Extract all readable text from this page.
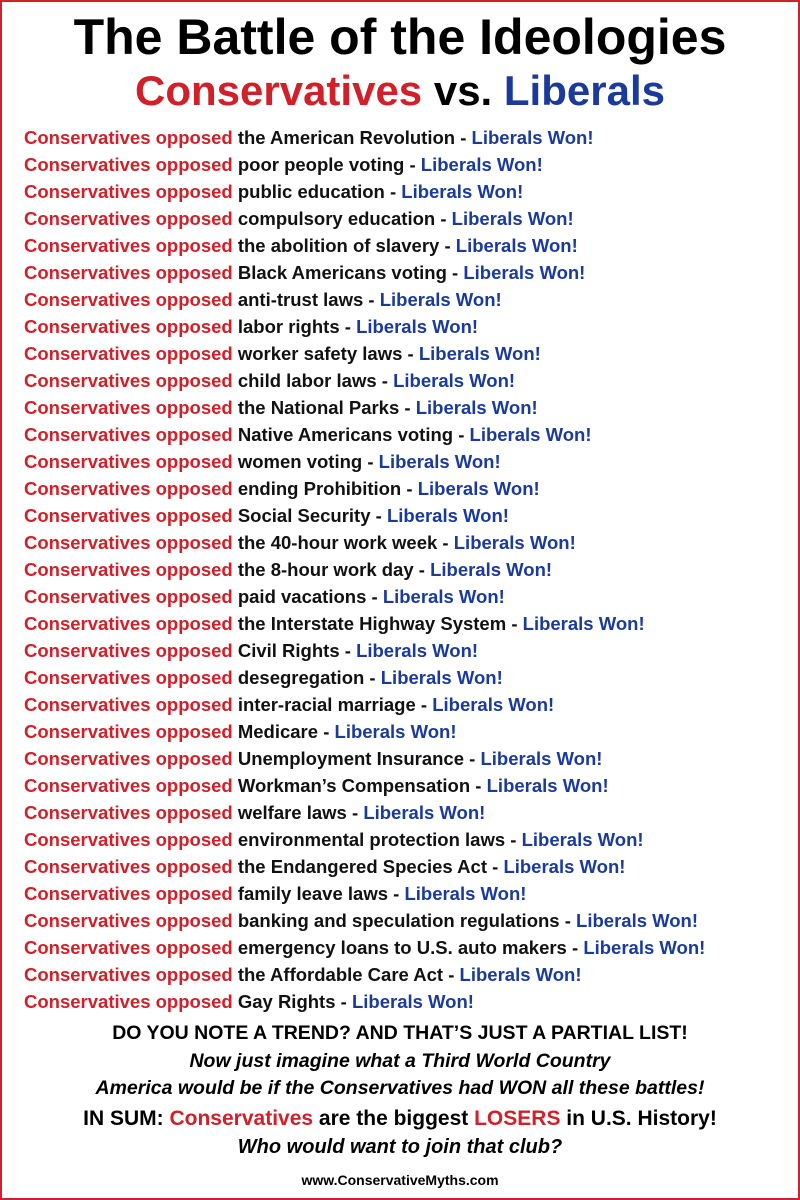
The Battle of the Ideologies
Conservatives vs. Liberals
Conservatives opposed the American Revolution - Liberals Won!
Conservatives opposed poor people voting - Liberals Won!
Conservatives opposed public education - Liberals Won!
Conservatives opposed compulsory education - Liberals Won!
Conservatives opposed the abolition of slavery - Liberals Won!
Conservatives opposed Black Americans voting - Liberals Won!
Conservatives opposed anti-trust laws - Liberals Won!
Conservatives opposed labor rights - Liberals Won!
Conservatives opposed worker safety laws - Liberals Won!
Conservatives opposed child labor laws - Liberals Won!
Conservatives opposed the National Parks - Liberals Won!
Conservatives opposed Native Americans voting - Liberals Won!
Conservatives opposed women voting - Liberals Won!
Conservatives opposed ending Prohibition - Liberals Won!
Conservatives opposed Social Security - Liberals Won!
Conservatives opposed the 40-hour work week - Liberals Won!
Conservatives opposed the 8-hour work day - Liberals Won!
Conservatives opposed paid vacations - Liberals Won!
Conservatives opposed the Interstate Highway System - Liberals Won!
Conservatives opposed Civil Rights - Liberals Won!
Conservatives opposed desegregation - Liberals Won!
Conservatives opposed inter-racial marriage - Liberals Won!
Conservatives opposed Medicare - Liberals Won!
Conservatives opposed Unemployment Insurance - Liberals Won!
Conservatives opposed Workman’s Compensation - Liberals Won!
Conservatives opposed welfare laws - Liberals Won!
Conservatives opposed environmental protection laws - Liberals Won!
Conservatives opposed the Endangered Species Act - Liberals Won!
Conservatives opposed family leave laws - Liberals Won!
Conservatives opposed banking and speculation regulations - Liberals Won!
Conservatives opposed emergency loans to U.S. auto makers - Liberals Won!
Conservatives opposed the Affordable Care Act - Liberals Won!
Conservatives opposed Gay Rights - Liberals Won!

DO YOU NOTE A TREND? AND THAT’S JUST A PARTIAL LIST!

Now just imagine what a Third World Country
America would be if the Conservatives had WON all these battles!

IN SUM: Conservatives are the biggest LOSERS in U.S. History!

Who would want to join that club?

www.ConservativeMyths.com
